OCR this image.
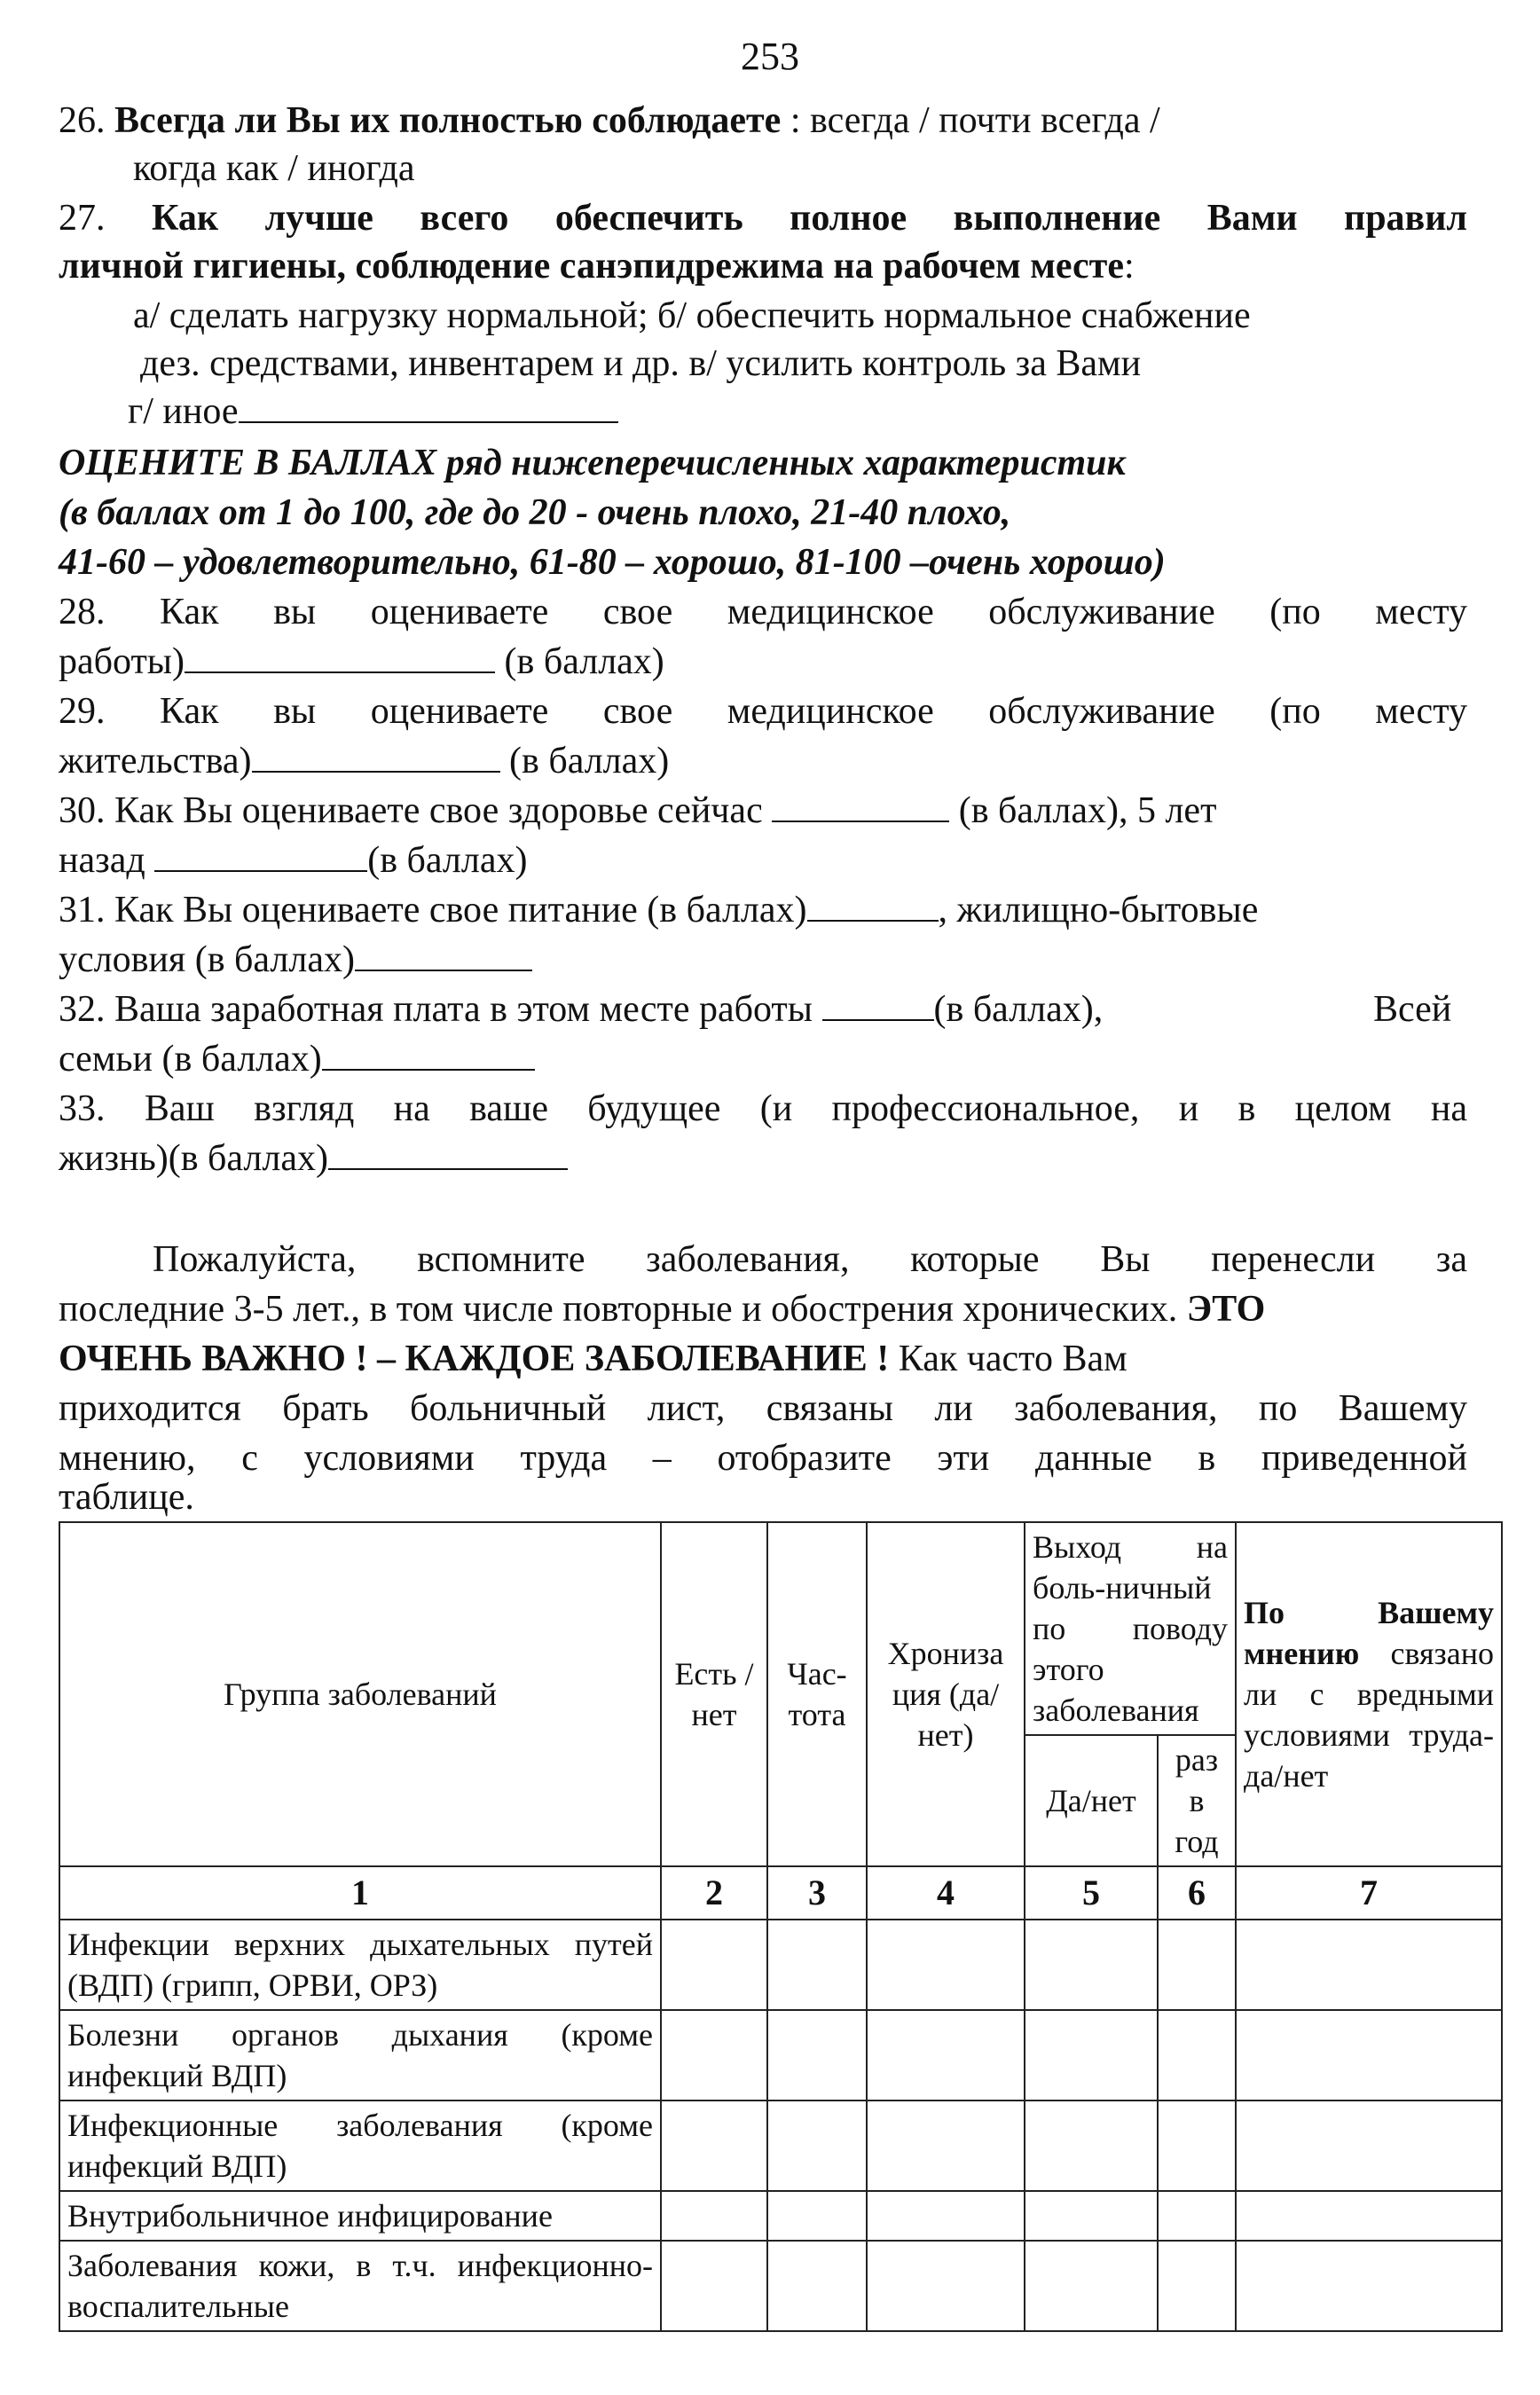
253
26. Всегда ли Вы их полностью соблюдаете : всегда / почти всегда /
когда как / иногда
27. Как лучше всего обеспечить полное выполнение Вами правил
личной гигиены, соблюдение санэпидрежима на рабочем месте:
а/ сделать нагрузку нормальной; б/ обеспечить нормальное снабжение
дез. средствами, инвентарем и др. в/ усилить контроль за Вами
г/ иное
ОЦЕНИТЕ В БАЛЛАХ ряд нижеперечисленных характеристик
(в баллах от 1 до 100, где до 20 - очень плохо, 21-40 плохо,
41-60 – удовлетворительно, 61-80 – хорошо, 81-100 –очень хорошо)
28.  Как  вы  оцениваете  свое  медицинское  обслуживание  (по  месту
работы)	(в баллах)
29.  Как  вы  оцениваете  свое  медицинское  обслуживание  (по  месту
жительства)	(в баллах)
30. Как Вы оцениваете свое здоровье сейчас	(в баллах), 5 лет
назад	(в баллах)
31. Как Вы оцениваете свое питание (в баллах)	, жилищно-бытовые
условия (в баллах)
32. Ваша заработная плата в этом месте работы	(в баллах),	Всей
семьи (в баллах)
33.  Ваш  взгляд  на  ваше  будущее  (и  профессиональное,  и  в  целом  на
жизнь)(в баллах)
Пожалуйста,  вспомните  заболевания,  которые  Вы  перенесли  за
последние 3-5 лет., в том числе повторные и обострения хронических. ЭТО
ОЧЕНЬ ВАЖНО ! – КАЖДОЕ ЗАБОЛЕВАНИЕ ! Как часто Вам
приходится  брать  больничный  лист,  связаны  ли  заболевания,  по  Вашему
мнению,  с  условиями  труда  –  отобразите  эти  данные  в  приведенной
таблице.
Группа заболеваний	Есть / нет	Час-тота	Хрониза ция (да/нет)	Выход на боль-ничный по поводу этого заболевания		По Вашему мнению связано ли с вредными условиями труда-да/нет
				Да/нет	раз в год	
1	2	3	4	5	6	7
Инфекции верхних дыхательных путей (ВДП) (грипп, ОРВИ, ОРЗ)						
Болезни органов дыхания (кроме инфекций ВДП)						
Инфекционные заболевания (кроме инфекций ВДП)						
Внутрибольничное инфицирование						
Заболевания кожи, в т.ч. инфекционно-воспалительные						
